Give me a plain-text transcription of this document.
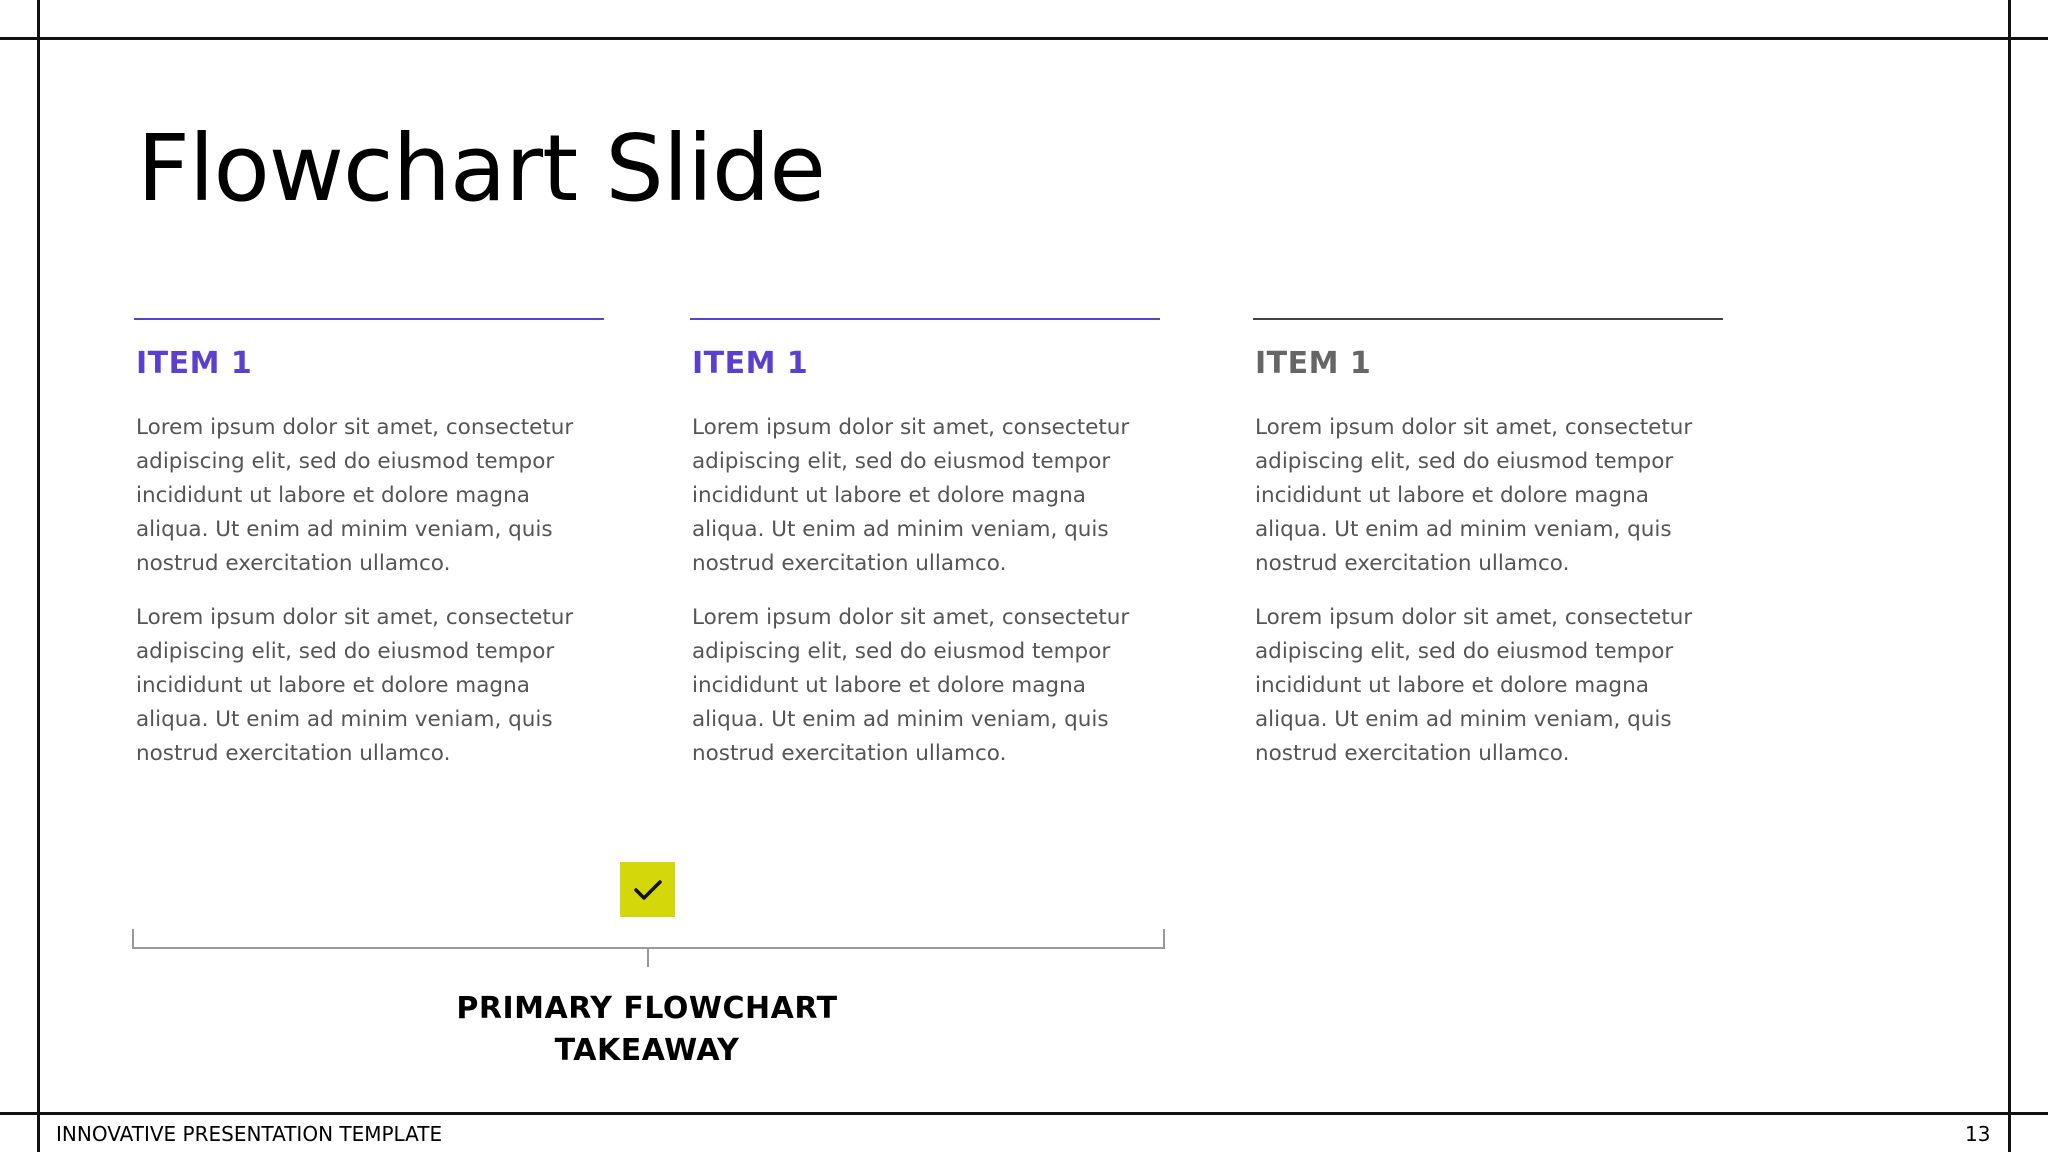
Flowchart Slide
ITEM 1

Lorem ipsum dolor sit amet, consectetur adipiscing elit, sed do eiusmod tempor incididunt ut labore et dolore magna aliqua. Ut enim ad minim veniam, quis nostrud exercitation ullamco.

Lorem ipsum dolor sit amet, consectetur adipiscing elit, sed do eiusmod tempor incididunt ut labore et dolore magna aliqua. Ut enim ad minim veniam, quis nostrud exercitation ullamco.

ITEM 1

Lorem ipsum dolor sit amet, consectetur adipiscing elit, sed do eiusmod tempor incididunt ut labore et dolore magna aliqua. Ut enim ad minim veniam, quis nostrud exercitation ullamco.

Lorem ipsum dolor sit amet, consectetur adipiscing elit, sed do eiusmod tempor incididunt ut labore et dolore magna aliqua. Ut enim ad minim veniam, quis nostrud exercitation ullamco.

ITEM 1

Lorem ipsum dolor sit amet, consectetur adipiscing elit, sed do eiusmod tempor incididunt ut labore et dolore magna aliqua. Ut enim ad minim veniam, quis nostrud exercitation ullamco.

Lorem ipsum dolor sit amet, consectetur adipiscing elit, sed do eiusmod tempor incididunt ut labore et dolore magna aliqua. Ut enim ad minim veniam, quis nostrud exercitation ullamco.

PRIMARY FLOWCHART
TAKEAWAY
INNOVATIVE PRESENTATION TEMPLATE	13
